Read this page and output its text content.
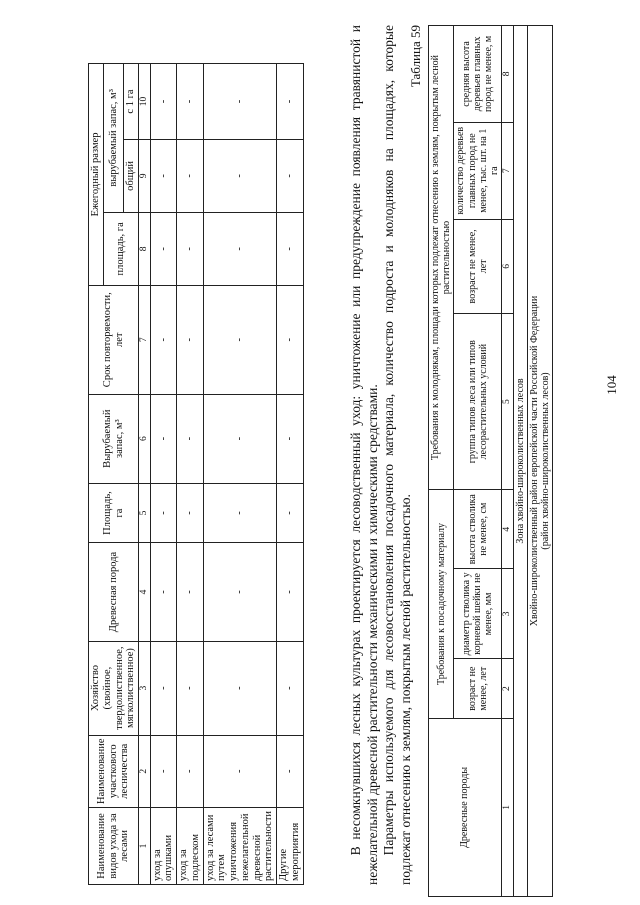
Наименование видов ухода за лесами	Наименование участкового лесничества	Хозяйство (хвойное, твердолиственное, мягколиственное)	Древесная порода	Площадь, га	Вырубаемый запас, м³	Срок повторяемости, лет	Ежегодный размер		
							площадь, га	вырубаемый запас, м³	
								общий	с 1 га
1	2	3	4	5	6	7	8	9	10
уход за опушками	-	-	-	-	-	-	-	-	-
уход за подлеском	-	-	-	-	-	-	-	-	-
уход за лесами путем уничтожения нежелательной древесной растительности	-	-	-	-	-	-	-	-	-
Другие мероприятия	-	-	-	-	-	-	-	-	-	В несомкнувшихся лесных культурах проектируется лесоводственный уход: уничтожение или предупреждение появления травянистой и нежелательной древесной растительности механическими и химическими средствами. Параметры используемого для лесовосстановления посадочного материала, количество подроста и молодняков на площадях, которые подлежат отнесению к землям, покрытым лесной растительностью.
Таблица 59
Древесные породы	Требования к посадочному материалу			Требования к молоднякам, площади которых подлежат отнесению к землям, покрытым лесной растительностью			
	возраст не менее, лет	диаметр стволика у корневой шейки не менее, мм	высота стволика не менее, см	группа типов леса или типов лесорастительных условий	возраст не менее, лет	количество деревьев главных пород не менее, тыс. шт. на 1 га	средняя высота деревьев главных пород не менее, м
1	2	3	4	5	6	7	8
Зона хвойно-широколиственных лесов							

Хвойно-широколиственный район европейской части Российской Федерации (район хвойно-широколиственных лесов)								104
